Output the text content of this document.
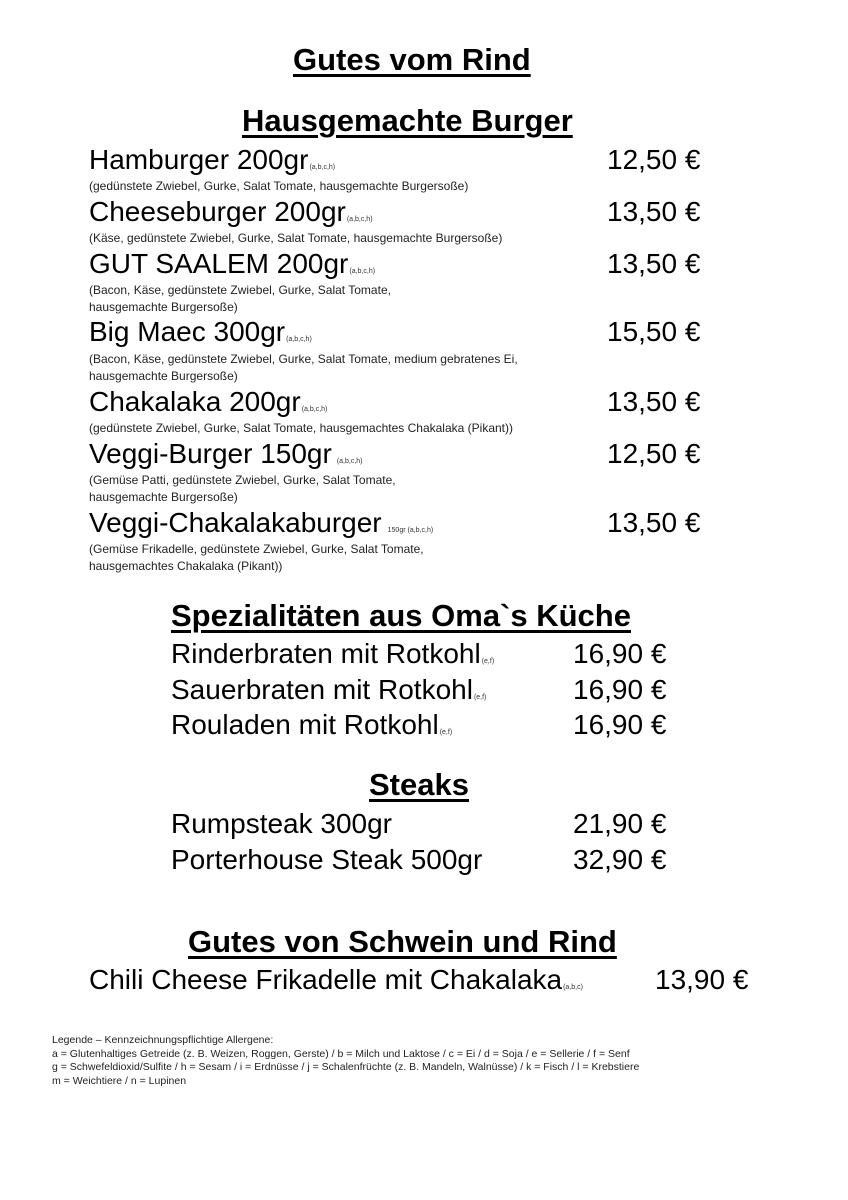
Gutes vom Rind
Hausgemachte Burger
Hamburger 200gr(a,b,c,h)	12,50 €
(gedünstete Zwiebel, Gurke, Salat Tomate, hausgemachte Burgersoße)
Cheeseburger 200gr(a,b,c,h)	13,50 €
(Käse, gedünstete Zwiebel, Gurke, Salat Tomate, hausgemachte Burgersoße)
GUT SAALEM 200gr(a,b,c,h)	13,50 €
(Bacon, Käse, gedünstete Zwiebel, Gurke, Salat Tomate,
hausgemachte Burgersoße)
Big Maec 300gr(a,b,c,h)	15,50 €
(Bacon, Käse, gedünstete Zwiebel, Gurke, Salat Tomate, medium gebratenes Ei,
hausgemachte Burgersoße)
Chakalaka 200gr(a,b,c,h)	13,50 €
(gedünstete Zwiebel, Gurke, Salat Tomate, hausgemachtes Chakalaka (Pikant))
Veggi-Burger 150gr (a,b,c,h)	12,50 €
(Gemüse Patti, gedünstete Zwiebel, Gurke, Salat Tomate,
hausgemachte Burgersoße)
Veggi-Chakalakaburger 150gr (a,b,c,h)	13,50 €
(Gemüse Frikadelle, gedünstete Zwiebel, Gurke, Salat Tomate,
hausgemachtes Chakalaka (Pikant))
Spezialitäten aus Oma`s Küche
Rinderbraten mit Rotkohl(e,f)	16,90 €
Sauerbraten mit Rotkohl(e,f)	16,90 €
Rouladen mit Rotkohl(e,f)	16,90 €
Steaks
Rumpsteak 300gr	21,90 €
Porterhouse Steak 500gr	32,90 €
Gutes von Schwein und Rind
Chili Cheese Frikadelle mit Chakalaka(a,b,c)	13,90 €
Legende – Kennzeichnungspflichtige Allergene:
a = Glutenhaltiges Getreide (z. B. Weizen, Roggen, Gerste) / b = Milch und Laktose / c = Ei / d = Soja / e = Sellerie / f = Senf
g = Schwefeldioxid/Sulfite / h = Sesam / i = Erdnüsse / j = Schalenfrüchte (z. B. Mandeln, Walnüsse) / k = Fisch / l = Krebstiere
m = Weichtiere / n = Lupinen
